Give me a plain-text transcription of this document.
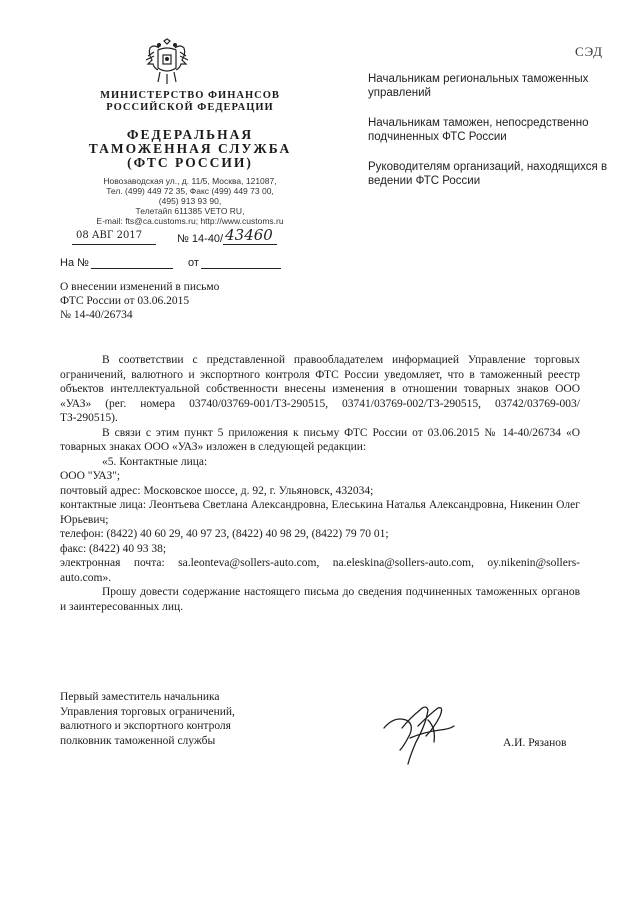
СЭД
МИНИСТЕРСТВО ФИНАНСОВ
РОССИЙСКОЙ ФЕДЕРАЦИИ
ФЕДЕРАЛЬНАЯ
ТАМОЖЕННАЯ СЛУЖБА
(ФТС РОССИИ)
Новозаводская ул., д. 11/5, Москва, 121087,
Тел. (499) 449 72 35, Факс (499) 449 73 00,
(495) 913 93 90,
Телетайп 611385 VETO RU,
E-mail: fts@ca.customs.ru; http://www.customs.ru
08 АВГ 2017	№ 14-40/ 43460
На №	от

Начальникам региональных таможенных управлений

Начальникам таможен, непосредственно подчиненных ФТС России

Руководителям организаций, находящихся в ведении ФТС России

О внесении изменений в письмо
ФТС России от 03.06.2015
№ 14-40/26734

В соответствии с представленной правообладателем информацией Управление торговых ограничений, валютного и экспортного контроля ФТС России уведомляет, что в таможенный реестр объектов интеллектуальной собственности внесены изменения в отношении товарных знаков ООО «УАЗ» (рег. номера 03740/03769-001/ТЗ-290515, 03741/03769-002/ТЗ-290515, 03742/03769-003/ТЗ-290515).

В связи с этим пункт 5 приложения к письму ФТС России от 03.06.2015 № 14-40/26734 «О товарных знаках ООО «УАЗ» изложен в следующей редакции:

«5. Контактные лица:

ООО "УАЗ";

почтовый адрес: Московское шоссе, д. 92, г. Ульяновск, 432034;

контактные лица: Леонтьева Светлана Александровна, Елеськина Наталья Александровна, Никенин Олег Юрьевич;

телефон: (8422) 40 60 29, 40 97 23, (8422) 40 98 29, (8422) 79 70 01;

факс: (8422) 40 93 38;

электронная почта: sa.leonteva@sollers-auto.com, na.eleskina@sollers-auto.com, oy.nikenin@sollers-auto.com».

Прошу довести содержание настоящего письма до сведения подчиненных таможенных органов и заинтересованных лиц.

Первый заместитель начальника
Управления торговых ограничений,
валютного и экспортного контроля
полковник таможенной службы	А.И. Рязанов
